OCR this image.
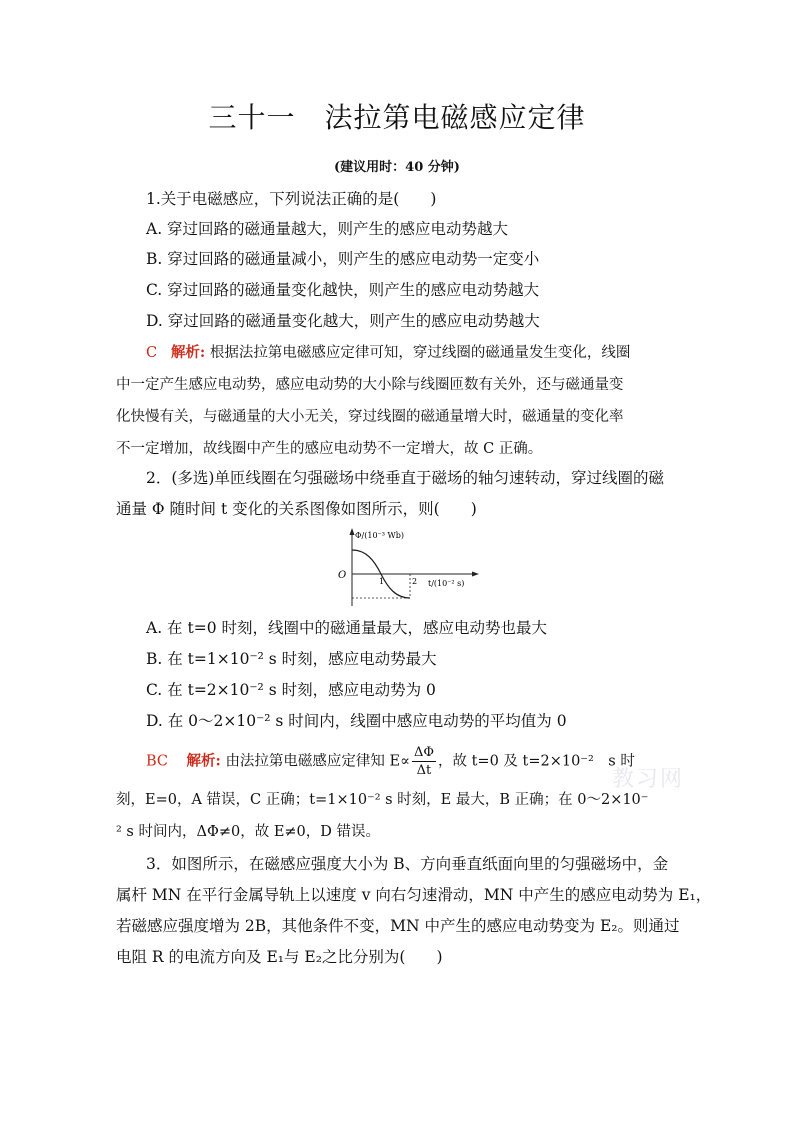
三十一　法拉第电磁感应定律
(建议用时：40 分钟)
1.关于电磁感应，下列说法正确的是(　　)
A. 穿过回路的磁通量越大，则产生的感应电动势越大
B. 穿过回路的磁通量减小，则产生的感应电动势一定变小
C. 穿过回路的磁通量变化越快，则产生的感应电动势越大
D. 穿过回路的磁通量变化越大，则产生的感应电动势越大
C 解析: 根据法拉第电磁感应定律可知，穿过线圈的磁通量发生变化，线圈
中一定产生感应电动势，感应电动势的大小除与线圈匝数有关外，还与磁通量变
化快慢有关，与磁通量的大小无关，穿过线圈的磁通量增大时，磁通量的变化率
不一定增加，故线圈中产生的感应电动势不一定增大，故 C 正确。
2．(多选)单匝线圈在匀强磁场中绕垂直于磁场的轴匀速转动，穿过线圈的磁
通量 Φ 随时间 t 变化的关系图像如图所示，则(　　)
Φ/(10⁻³ Wb)
O
1	2 t/(10⁻² s)
A. 在 t=0 时刻，线圈中的磁通量最大，感应电动势也最大
B. 在 t=1×10⁻² s 时刻，感应电动势最大
C. 在 t=2×10⁻² s 时刻，感应电动势为 0
D. 在 0～2×10⁻² s 时间内，线圈中感应电动势的平均值为 0
BC 解析: 由法拉第电磁感应定律知 $E\propto \frac{\Delta\Phi}{\Delta t}$ ，故 t=0 及 t=2×10⁻²　s 时
刻，E=0，A 错误，C 正确；t=1×10⁻² s 时刻，E 最大，B 正确；在 0～2×10⁻
² s 时间内，ΔΦ≠0，故 E≠0，D 错误。
3．如图所示，在磁感应强度大小为 B、方向垂直纸面向里的匀强磁场中，金
属杆 MN 在平行金属导轨上以速度 v 向右匀速滑动，MN 中产生的感应电动势为 E₁，
若磁感应强度增为 2B，其他条件不变，MN 中产生的感应电动势变为 E₂。则通过
电阻 R 的电流方向及 E₁与 E₂之比分别为(　　)
教习网
